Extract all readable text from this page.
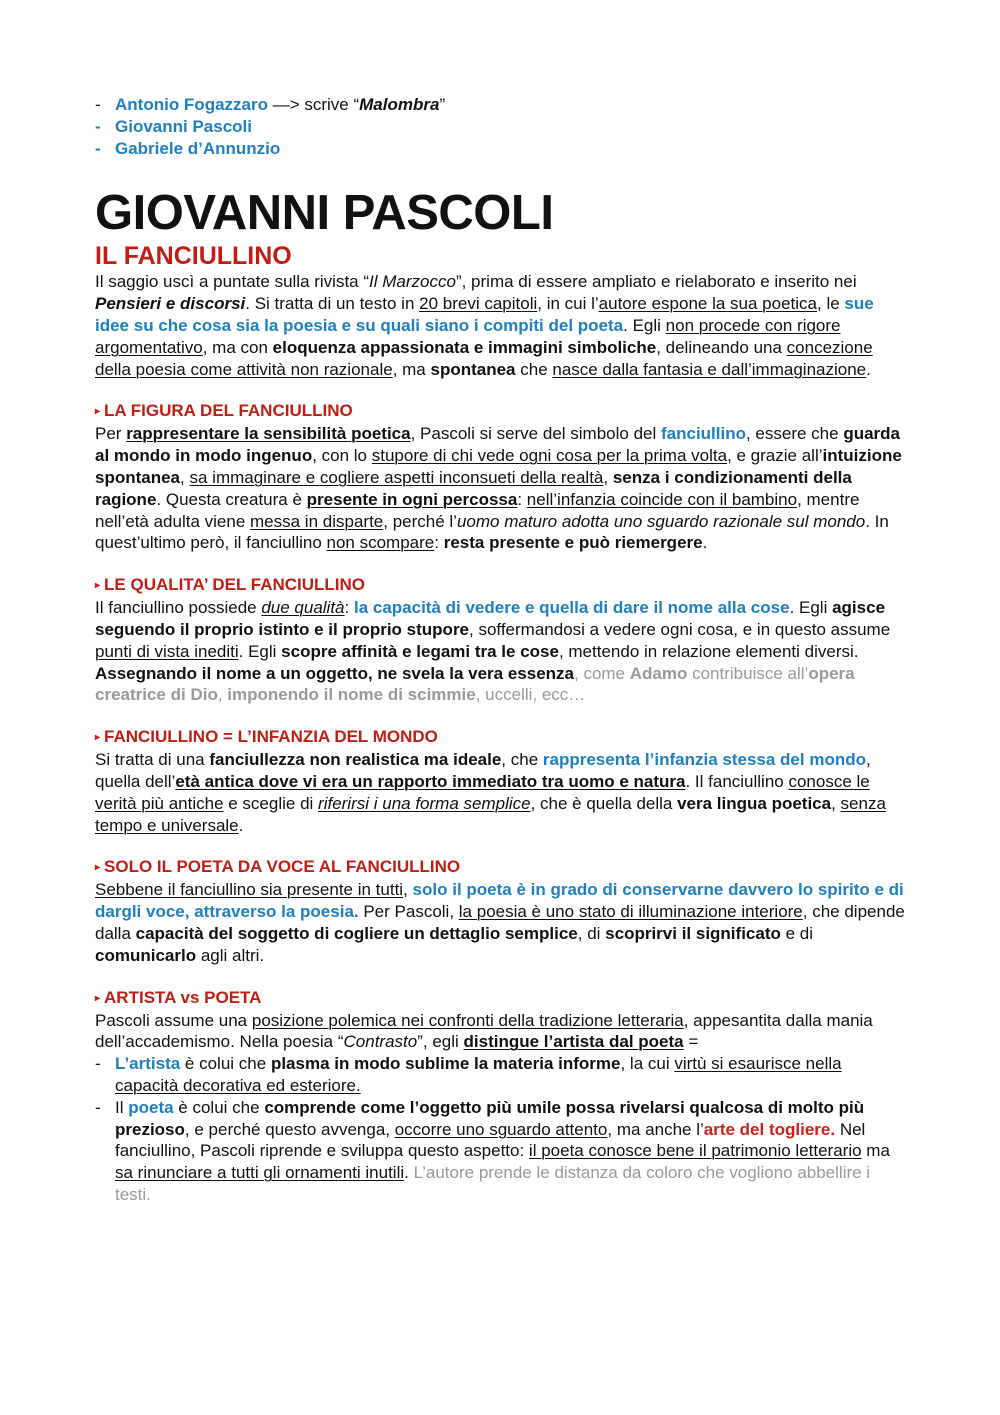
- Antonio Fogazzaro —> scrive “Malombra”
- Giovanni Pascoli
- Gabriele d’Annunzio
GIOVANNI PASCOLI
IL FANCIULLINO

Il saggio uscì a puntate sulla rivista “Il Marzocco”, prima di essere ampliato e rielaborato e inserito nei Pensieri e discorsi. Si tratta di un testo in 20 brevi capitoli, in cui l’autore espone la sua poetica, le sue idee su che cosa sia la poesia e su quali siano i compiti del poeta. Egli non procede con rigore argomentativo, ma con eloquenza appassionata e immagini simboliche, delineando una concezione della poesia come attività non razionale, ma spontanea che nasce dalla fantasia e dall’immaginazione.

▸ LA FIGURA DEL FANCIULLINO

Per rappresentare la sensibilità poetica, Pascoli si serve del simbolo del fanciullino, essere che guarda al mondo in modo ingenuo, con lo stupore di chi vede ogni cosa per la prima volta, e grazie all’intuizione spontanea, sa immaginare e cogliere aspetti inconsueti della realtà, senza i condizionamenti della ragione. Questa creatura è presente in ogni percossa: nell’infanzia coincide con il bambino, mentre nell’età adulta viene messa in disparte, perché l’uomo maturo adotta uno sguardo razionale sul mondo. In quest’ultimo però, il fanciullino non scompare: resta presente e può riemergere.

▸ LE QUALITA’ DEL FANCIULLINO

Il fanciullino possiede due qualità: la capacità di vedere e quella di dare il nome alla cose. Egli agisce seguendo il proprio istinto e il proprio stupore, soffermandosi a vedere ogni cosa, e in questo assume punti di vista inediti. Egli scopre affinità e legami tra le cose, mettendo in relazione elementi diversi. Assegnando il nome a un oggetto, ne svela la vera essenza, come Adamo contribuisce all’opera creatrice di Dio, imponendo il nome di scimmie, uccelli, ecc…

▸ FANCIULLINO = L’INFANZIA DEL MONDO

Si tratta di una fanciullezza non realistica ma ideale, che rappresenta l’infanzia stessa del mondo, quella dell’età antica dove vi era un rapporto immediato tra uomo e natura. Il fanciullino conosce le verità più antiche e sceglie di riferirsi i una forma semplice, che è quella della vera lingua poetica, senza tempo e universale.

▸ SOLO IL POETA DA VOCE AL FANCIULLINO

Sebbene il fanciullino sia presente in tutti, solo il poeta è in grado di conservarne davvero lo spirito e di dargli voce, attraverso la poesia. Per Pascoli, la poesia è uno stato di illuminazione interiore, che dipende dalla capacità del soggetto di cogliere un dettaglio semplice, di scoprirvi il significato e di comunicarlo agli altri.

▸ ARTISTA vs POETA

Pascoli assume una posizione polemica nei confronti della tradizione letteraria, appesantita dalla mania dell’accademismo. Nella poesia “Contrasto”, egli distingue l’artista dal poeta =

- L’artista è colui che plasma in modo sublime la materia informe, la cui virtù si esaurisce nella capacità decorativa ed esteriore.
- Il poeta è colui che comprende come l’oggetto più umile possa rivelarsi qualcosa di molto più prezioso, e perché questo avvenga, occorre uno sguardo attento, ma anche l’arte del togliere. Nel fanciullino, Pascoli riprende e sviluppa questo aspetto: il poeta conosce bene il patrimonio letterario ma sa rinunciare a tutti gli ornamenti inutili. L’autore prende le distanza da coloro che vogliono abbellire i testi.
